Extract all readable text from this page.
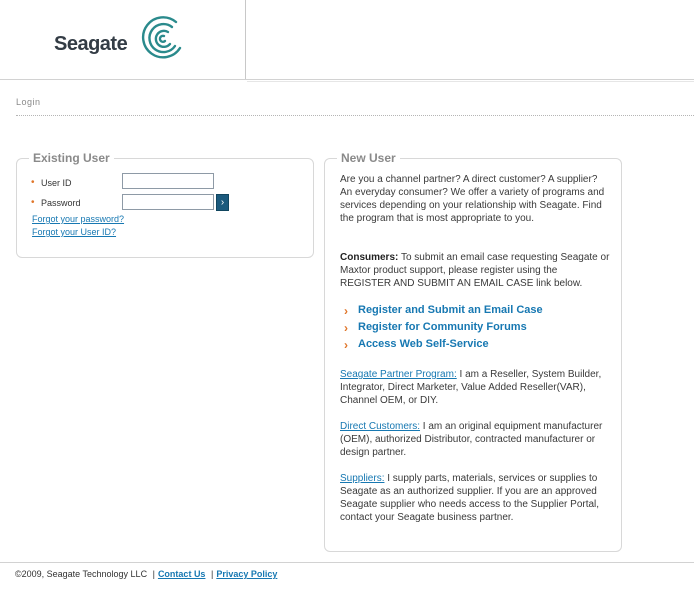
Seagate
Login
Existing User
• User ID
• Password	›
Forgot your password?
Forgot your User ID?
New User
Are you a channel partner? A direct customer? A supplier? An everyday consumer? We offer a variety of programs and services depending on your relationship with Seagate. Find the program that is most appropriate to you.
Consumers: To submit an email case requesting Seagate or Maxtor product support, please register using the REGISTER AND SUBMIT AN EMAIL CASE link below.
› Register and Submit an Email Case
› Register for Community Forums
› Access Web Self-Service
Seagate Partner Program: I am a Reseller, System Builder, Integrator, Direct Marketer, Value Added Reseller(VAR), Channel OEM, or DIY.
Direct Customers: I am an original equipment manufacturer (OEM), authorized Distributor, contracted manufacturer or design partner.
Suppliers: I supply parts, materials, services or supplies to Seagate as an authorized supplier. If you are an approved Seagate supplier who needs access to the Supplier Portal, contact your Seagate business partner.
©2009, Seagate Technology LLC | Contact Us | Privacy Policy
